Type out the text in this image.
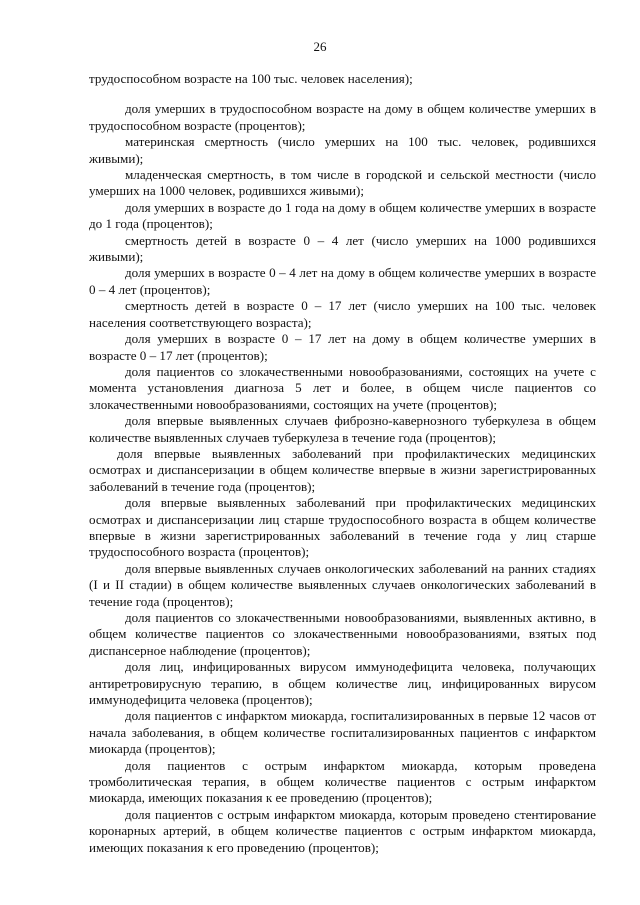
26

трудоспособном возрасте на 100 тыс. человек населения);

доля умерших в трудоспособном возрасте на дому в общем количестве умерших в трудоспособном возрасте (процентов);

материнская смертность (число умерших на 100 тыс. человек, родившихся живыми);

младенческая смертность, в том числе в городской и сельской местности (число умерших на 1000 человек, родившихся живыми);

доля умерших в возрасте до 1 года на дому в общем количестве умерших в возрасте до 1 года (процентов);

смертность детей в возрасте 0 – 4 лет (число умерших на 1000 родившихся живыми);

доля умерших в возрасте 0 – 4 лет на дому в общем количестве умерших в возрасте 0 – 4 лет (процентов);

смертность детей в возрасте 0 – 17 лет (число умерших на 100 тыс. человек населения соответствующего возраста);

доля умерших в возрасте 0 – 17 лет на дому в общем количестве умерших в возрасте 0 – 17 лет (процентов);

доля пациентов со злокачественными новообразованиями, состоящих на учете с момента установления диагноза 5 лет и более, в общем числе пациентов со злокачественными новообразованиями, состоящих на учете (процентов);

доля впервые выявленных случаев фиброзно-кавернозного туберкулеза в общем количестве выявленных случаев туберкулеза в течение года (процентов);

доля впервые выявленных заболеваний при профилактических медицинских осмотрах и диспансеризации в общем количестве впервые в жизни зарегистрированных заболеваний в течение года (процентов);

доля впервые выявленных заболеваний при профилактических медицинских осмотрах и диспансеризации лиц старше трудоспособного возраста в общем количестве впервые в жизни зарегистрированных заболеваний в течение года у лиц старше трудоспособного возраста (процентов);

доля впервые выявленных случаев онкологических заболеваний на ранних стадиях (I и II стадии) в общем количестве выявленных случаев онкологических заболеваний в течение года (процентов);

доля пациентов со злокачественными новообразованиями, выявленных активно, в общем количестве пациентов со злокачественными новообразованиями, взятых под диспансерное наблюдение (процентов);

доля лиц, инфицированных вирусом иммунодефицита человека, получающих антиретровирусную терапию, в общем количестве лиц, инфицированных вирусом иммунодефицита человека (процентов);

доля пациентов с инфарктом миокарда, госпитализированных в первые 12 часов от начала заболевания, в общем количестве госпитализированных пациентов с инфарктом миокарда (процентов);

доля пациентов с острым инфарктом миокарда, которым проведена тромболитическая терапия, в общем количестве пациентов с острым инфарктом миокарда, имеющих показания к ее проведению (процентов);

доля пациентов с острым инфарктом миокарда, которым проведено стентирование коронарных артерий, в общем количестве пациентов с острым инфарктом миокарда, имеющих показания к его проведению (процентов);
